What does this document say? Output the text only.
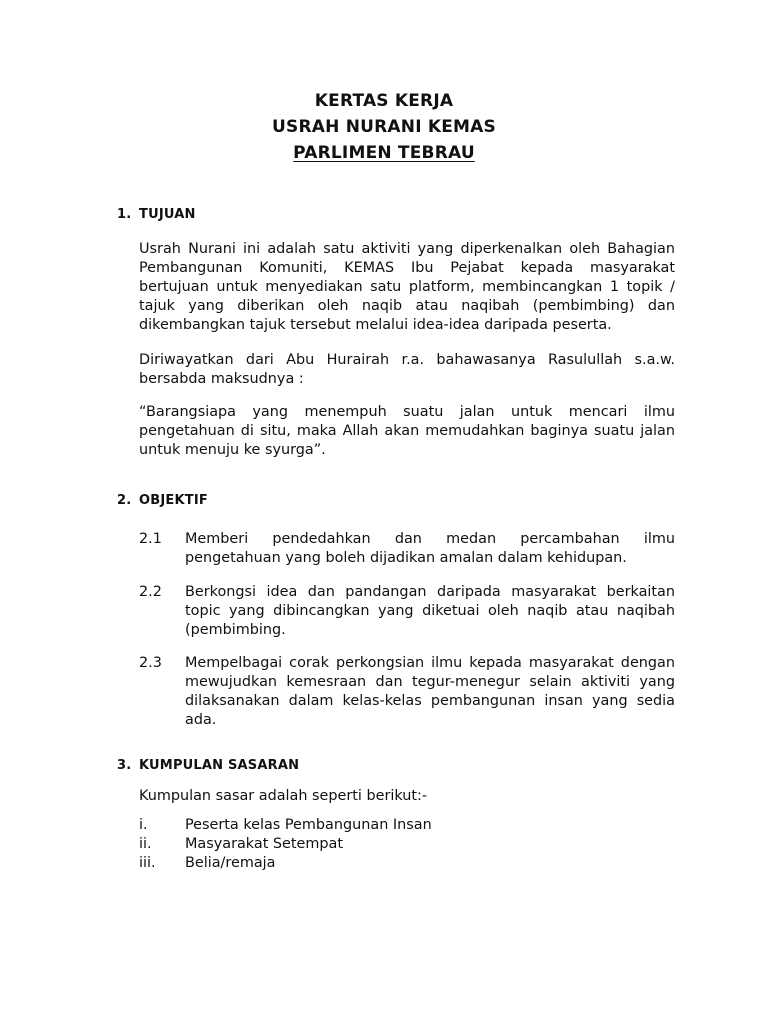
KERTAS KERJA
USRAH NURANI KEMAS
PARLIMEN TEBRAU
1. TUJUAN

Usrah Nurani ini adalah satu aktiviti yang diperkenalkan oleh Bahagian Pembangunan Komuniti, KEMAS Ibu Pejabat kepada masyarakat bertujuan untuk menyediakan satu platform, membincangkan 1 topik / tajuk yang diberikan oleh naqib atau naqibah (pembimbing) dan dikembangkan tajuk tersebut melalui idea-idea daripada peserta.

Diriwayatkan dari Abu Hurairah r.a. bahawasanya Rasulullah s.a.w. bersabda maksudnya :

“Barangsiapa yang menempuh suatu jalan untuk mencari ilmu pengetahuan di situ, maka Allah akan memudahkan baginya suatu jalan untuk menuju ke syurga”.

2. OBJEKTIF
2.1	Memberi pendedahkan dan medan percambahan ilmu pengetahuan yang boleh dijadikan amalan dalam kehidupan.
2.2	Berkongsi idea dan pandangan daripada masyarakat berkaitan topic yang dibincangkan yang diketuai oleh naqib atau naqibah (pembimbing.
2.3	Mempelbagai corak perkongsian ilmu kepada masyarakat dengan mewujudkan kemesraan dan tegur-menegur selain aktiviti yang dilaksanakan dalam kelas-kelas pembangunan insan yang sedia ada.
3. KUMPULAN SASARAN

Kumpulan sasar adalah seperti berikut:-

i.	Peserta kelas Pembangunan Insan
ii. Masyarakat Setempat
iii. Belia/remaja
